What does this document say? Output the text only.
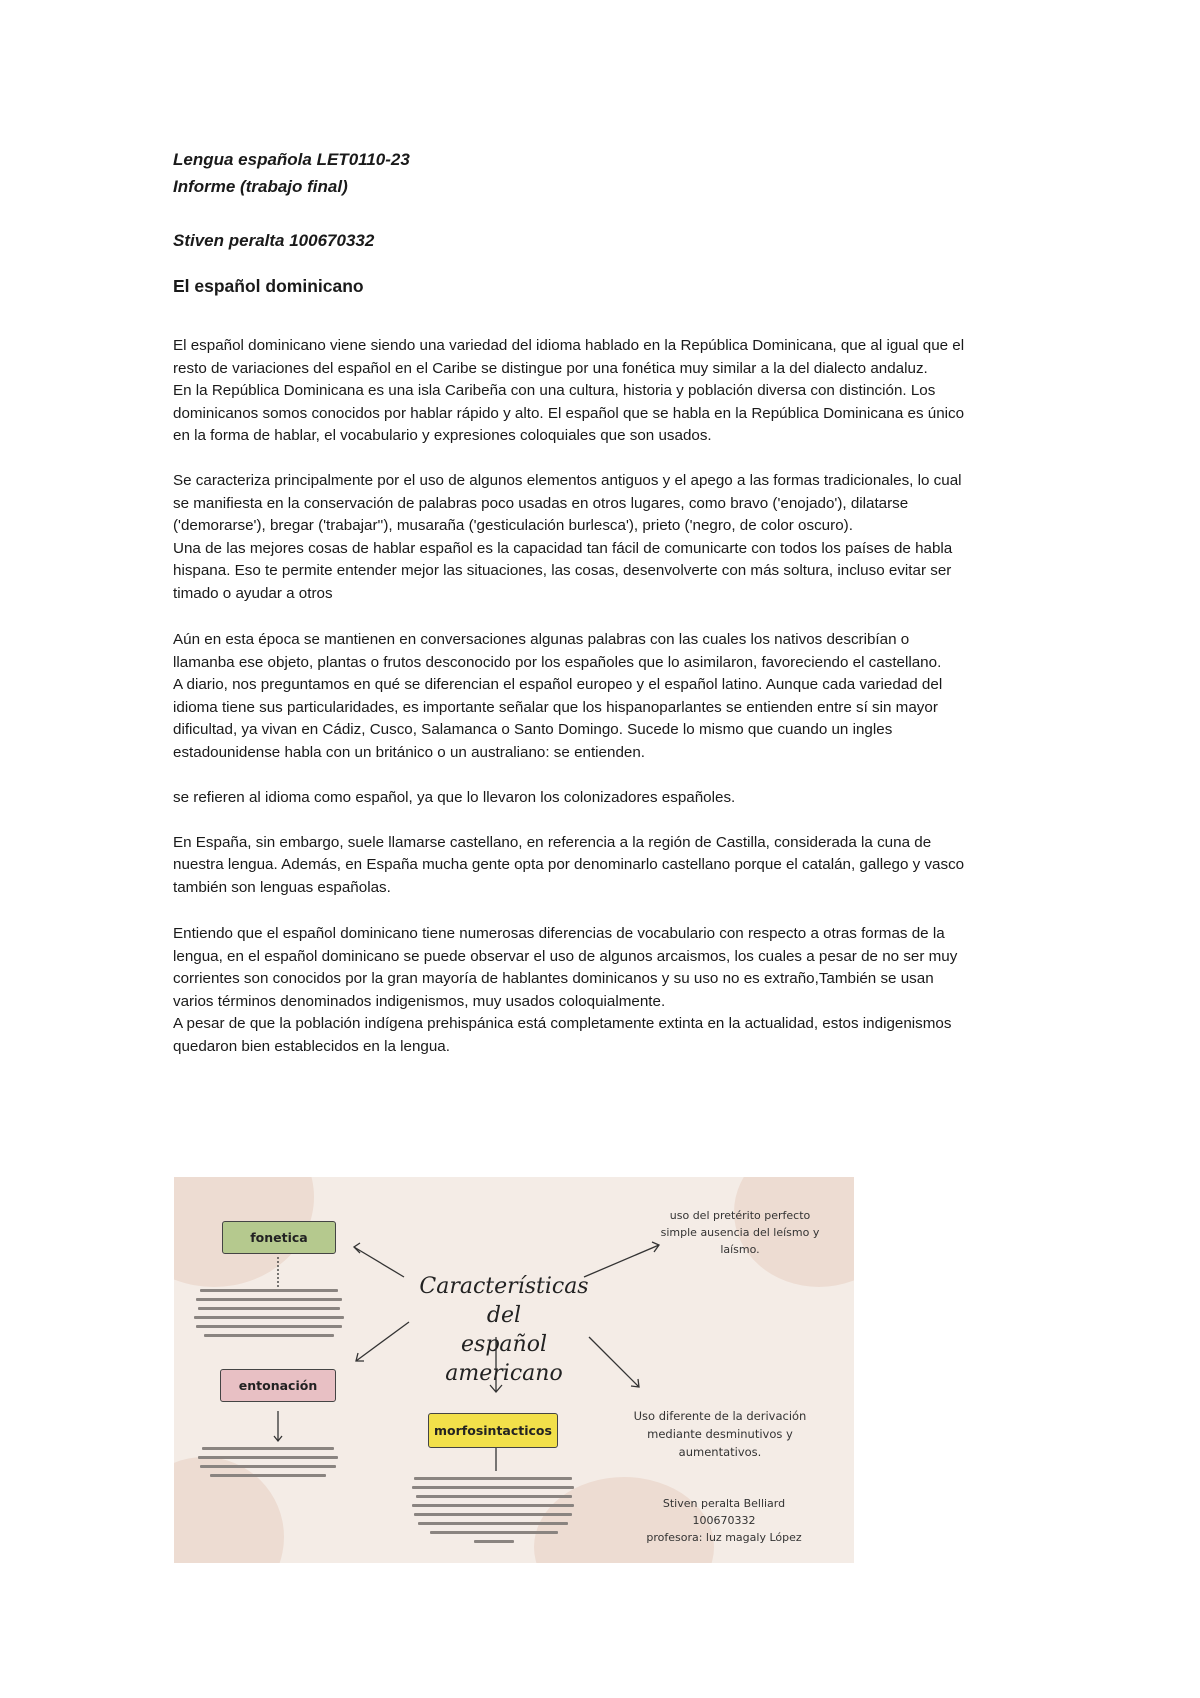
Lengua española LET0110-23

Informe (trabajo final)

Stiven peralta 100670332

El español dominicano

El español dominicano viene siendo una variedad del idioma hablado en la República Dominicana, que al igual que el
resto de variaciones del español en el Caribe se distingue por una fonética muy similar a la del dialecto andaluz.
En la República Dominicana es una isla Caribeña con una cultura, historia y población diversa con distinción. Los
dominicanos somos conocidos por hablar rápido y alto. El español que se habla en la República Dominicana es único
en la forma de hablar, el vocabulario y expresiones coloquiales que son usados.

Se caracteriza principalmente por el uso de algunos elementos antiguos y el apego a las formas tradicionales, lo cual
se manifiesta en la conservación de palabras poco usadas en otros lugares, como bravo ('enojado'), dilatarse
('demorarse'), bregar ('trabajar''), musaraña ('gesticulación burlesca'), prieto ('negro, de color oscuro).
Una de las mejores cosas de hablar español es la capacidad tan fácil de comunicarte con todos los países de habla
hispana. Eso te permite entender mejor las situaciones, las cosas, desenvolverte con más soltura, incluso evitar ser
timado o ayudar a otros

Aún en esta época se mantienen en conversaciones algunas palabras con las cuales los nativos describían o
llamanba ese objeto, plantas o frutos desconocido por los españoles que lo asimilaron, favoreciendo el castellano.
A diario, nos preguntamos en qué se diferencian el español europeo y el español latino. Aunque cada variedad del
idioma tiene sus particularidades, es importante señalar que los hispanoparlantes se entienden entre sí sin mayor
dificultad, ya vivan en Cádiz, Cusco, Salamanca o Santo Domingo. Sucede lo mismo que cuando un ingles
estadounidense habla con un británico o un australiano: se entienden.

se refieren al idioma como español, ya que lo llevaron los colonizadores españoles.

En España, sin embargo, suele llamarse castellano, en referencia a la región de Castilla, considerada la cuna de
nuestra lengua. Además, en España mucha gente opta por denominarlo castellano porque el catalán, gallego y vasco
también son lenguas españolas.

Entiendo que el español dominicano tiene numerosas diferencias de vocabulario con respecto a otras formas de la
lengua, en el español dominicano se puede observar el uso de algunos arcaismos, los cuales a pesar de no ser muy
corrientes son conocidos por la gran mayoría de hablantes dominicanos y su uso no es extraño,También se usan
varios términos denominados indigenismos, muy usados coloquialmente.
A pesar de que la población indígena prehispánica está completamente extinta en la actualidad, estos indigenismos
quedaron bien establecidos en la lengua.

fonetica
entonación
morfosintacticos
Características del
español americano
uso del pretérito perfecto
simple ausencia del leísmo y
laísmo.
Uso diferente de la derivación
mediante desminutivos y
aumentativos.
Stiven peralta Belliard
100670332
profesora: luz magaly López
